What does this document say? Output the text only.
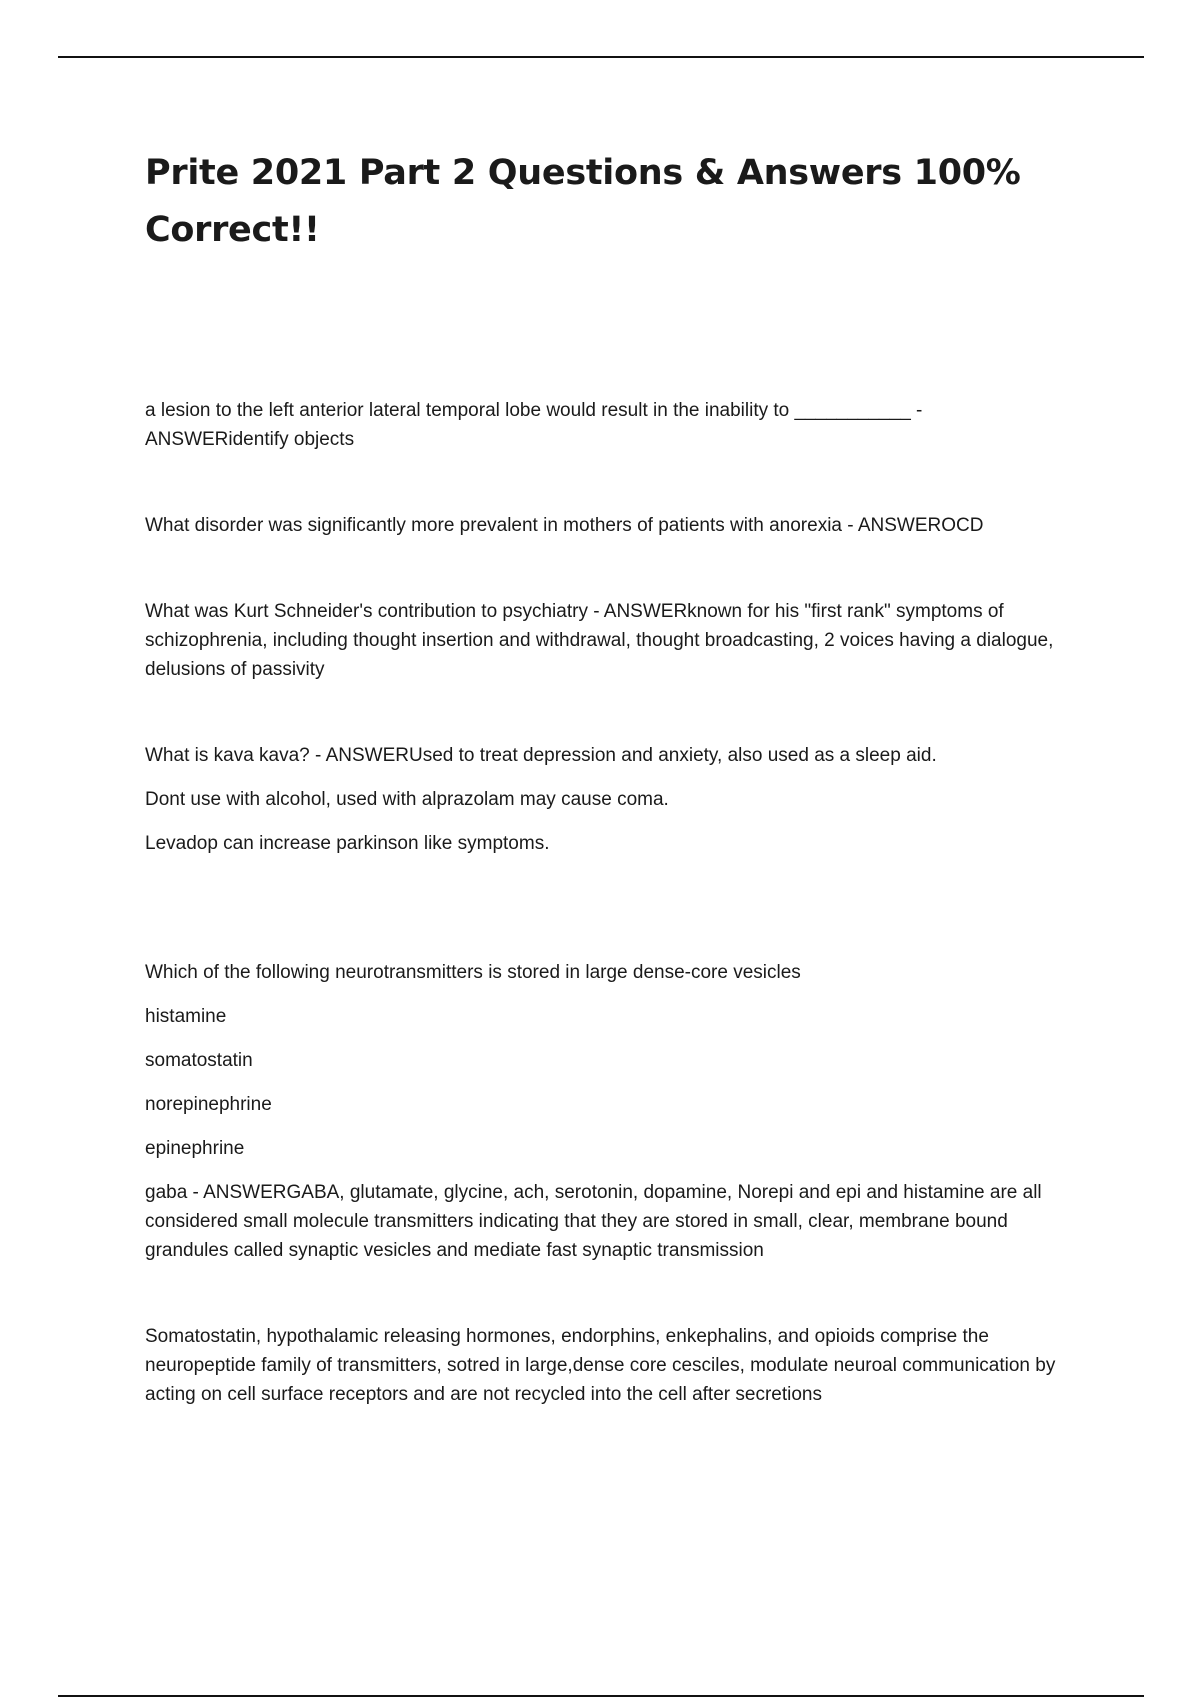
Prite 2021 Part 2 Questions & Answers 100% Correct!!

a lesion to the left anterior lateral temporal lobe would result in the inability to ___________ - ANSWERidentify objects

What disorder was significantly more prevalent in mothers of patients with anorexia - ANSWEROCD

What was Kurt Schneider's contribution to psychiatry - ANSWERknown for his "first rank" symptoms of schizophrenia, including thought insertion and withdrawal, thought broadcasting, 2 voices having a dialogue, delusions of passivity

What is kava kava? - ANSWERUsed to treat depression and anxiety, also used as a sleep aid.

Dont use with alcohol, used with alprazolam may cause coma.

Levadop can increase parkinson like symptoms.

Which of the following neurotransmitters is stored in large dense-core vesicles

histamine

somatostatin

norepinephrine

epinephrine

gaba - ANSWERGABA, glutamate, glycine, ach, serotonin, dopamine, Norepi and epi and histamine are all considered small molecule transmitters indicating that they are stored in small, clear, membrane bound grandules called synaptic vesicles and mediate fast synaptic transmission

Somatostatin, hypothalamic releasing hormones, endorphins, enkephalins, and opioids comprise the neuropeptide family of transmitters, sotred in large,dense core cesciles, modulate neuroal communication by acting on cell surface receptors and are not recycled into the cell after secretions
